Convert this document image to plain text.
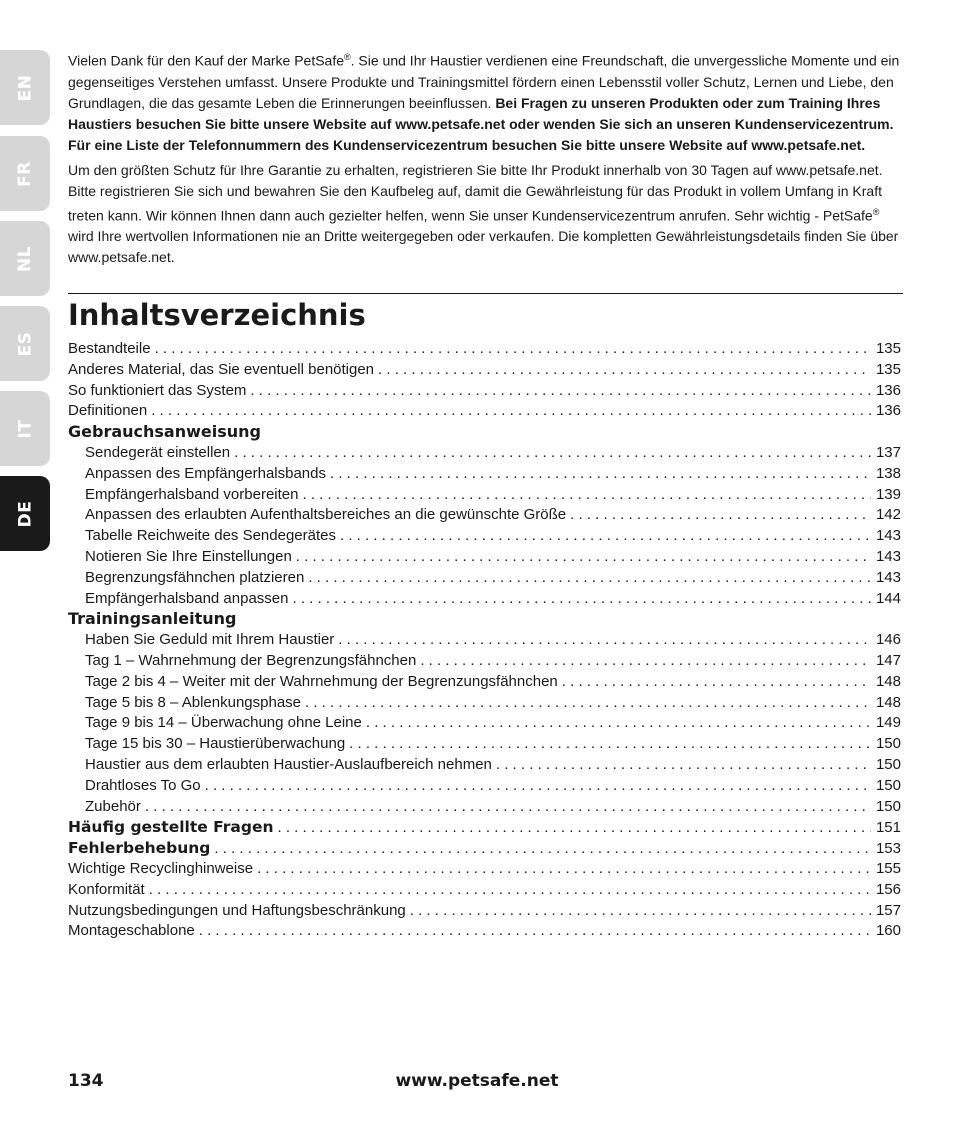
EN
FR
NL
ES
IT
DE

Vielen Dank für den Kauf der Marke PetSafe®. Sie und Ihr Haustier verdienen eine Freundschaft, die unvergessliche Momente und ein gegenseitiges Verstehen umfasst. Unsere Produkte und Trainingsmittel fördern einen Lebensstil voller Schutz, Lernen und Liebe, den Grundlagen, die das gesamte Leben die Erinnerungen beeinflussen. Bei Fragen zu unseren Produkten oder zum Training Ihres Haustiers besuchen Sie bitte unsere Website auf www.petsafe.net oder wenden Sie sich an unseren Kundenservicezentrum. Für eine Liste der Telefonnummern des Kundenservicezentrum besuchen Sie bitte unsere Website auf www.petsafe.net.

Um den größten Schutz für Ihre Garantie zu erhalten, registrieren Sie bitte Ihr Produkt innerhalb von 30 Tagen auf www.petsafe.net. Bitte registrieren Sie sich und bewahren Sie den Kaufbeleg auf, damit die Gewährleistung für das Produkt in vollem Umfang in Kraft treten kann. Wir können Ihnen dann auch gezielter helfen, wenn Sie unser Kundenservicezentrum anrufen. Sehr wichtig - PetSafe® wird Ihre wertvollen Informationen nie an Dritte weitergegeben oder verkaufen. Die kompletten Gewährleistungsdetails finden Sie über www.petsafe.net.

Inhaltsverzeichnis
Bestandteile . . .	135
Anderes Material, das Sie eventuell benötigen . . .	135
So funktioniert das System . . .	136
Definitionen . . .	136
Gebrauchsanweisung
Sendegerät einstellen . . .	137
Anpassen des Empfängerhalsbands . . .	138
Empfängerhalsband vorbereiten . . .	139
Anpassen des erlaubten Aufenthaltsbereiches an die gewünschte Größe . . .	142
Tabelle Reichweite des Sendegerätes . . .	143
Notieren Sie Ihre Einstellungen . . .	143
Begrenzungsfähnchen platzieren . . .	143
Empfängerhalsband anpassen . . .	144
Trainingsanleitung
Haben Sie Geduld mit Ihrem Haustier . . .	146
Tag 1 – Wahrnehmung der Begrenzungsfähnchen . . .	147
Tage 2 bis 4 – Weiter mit der Wahrnehmung der Begrenzungsfähnchen . . .	148
Tage 5 bis 8 – Ablenkungsphase . . .	148
Tage 9 bis 14 – Überwachung ohne Leine . . .	149
Tage 15 bis 30 – Haustierüberwachung . . .	150
Haustier aus dem erlaubten Haustier-Auslaufbereich nehmen . . .	150
Drahtloses To Go . . .	150
Zubehör . . .	150
Häufig gestellte Fragen . . .	151
Fehlerbehebung . . .	153
Wichtige Recyclinghinweise . . .	155
Konformität . . .	156
Nutzungsbedingungen und Haftungsbeschränkung . . .	157
Montageschablone . . .	160
www.petsafe.net
134
